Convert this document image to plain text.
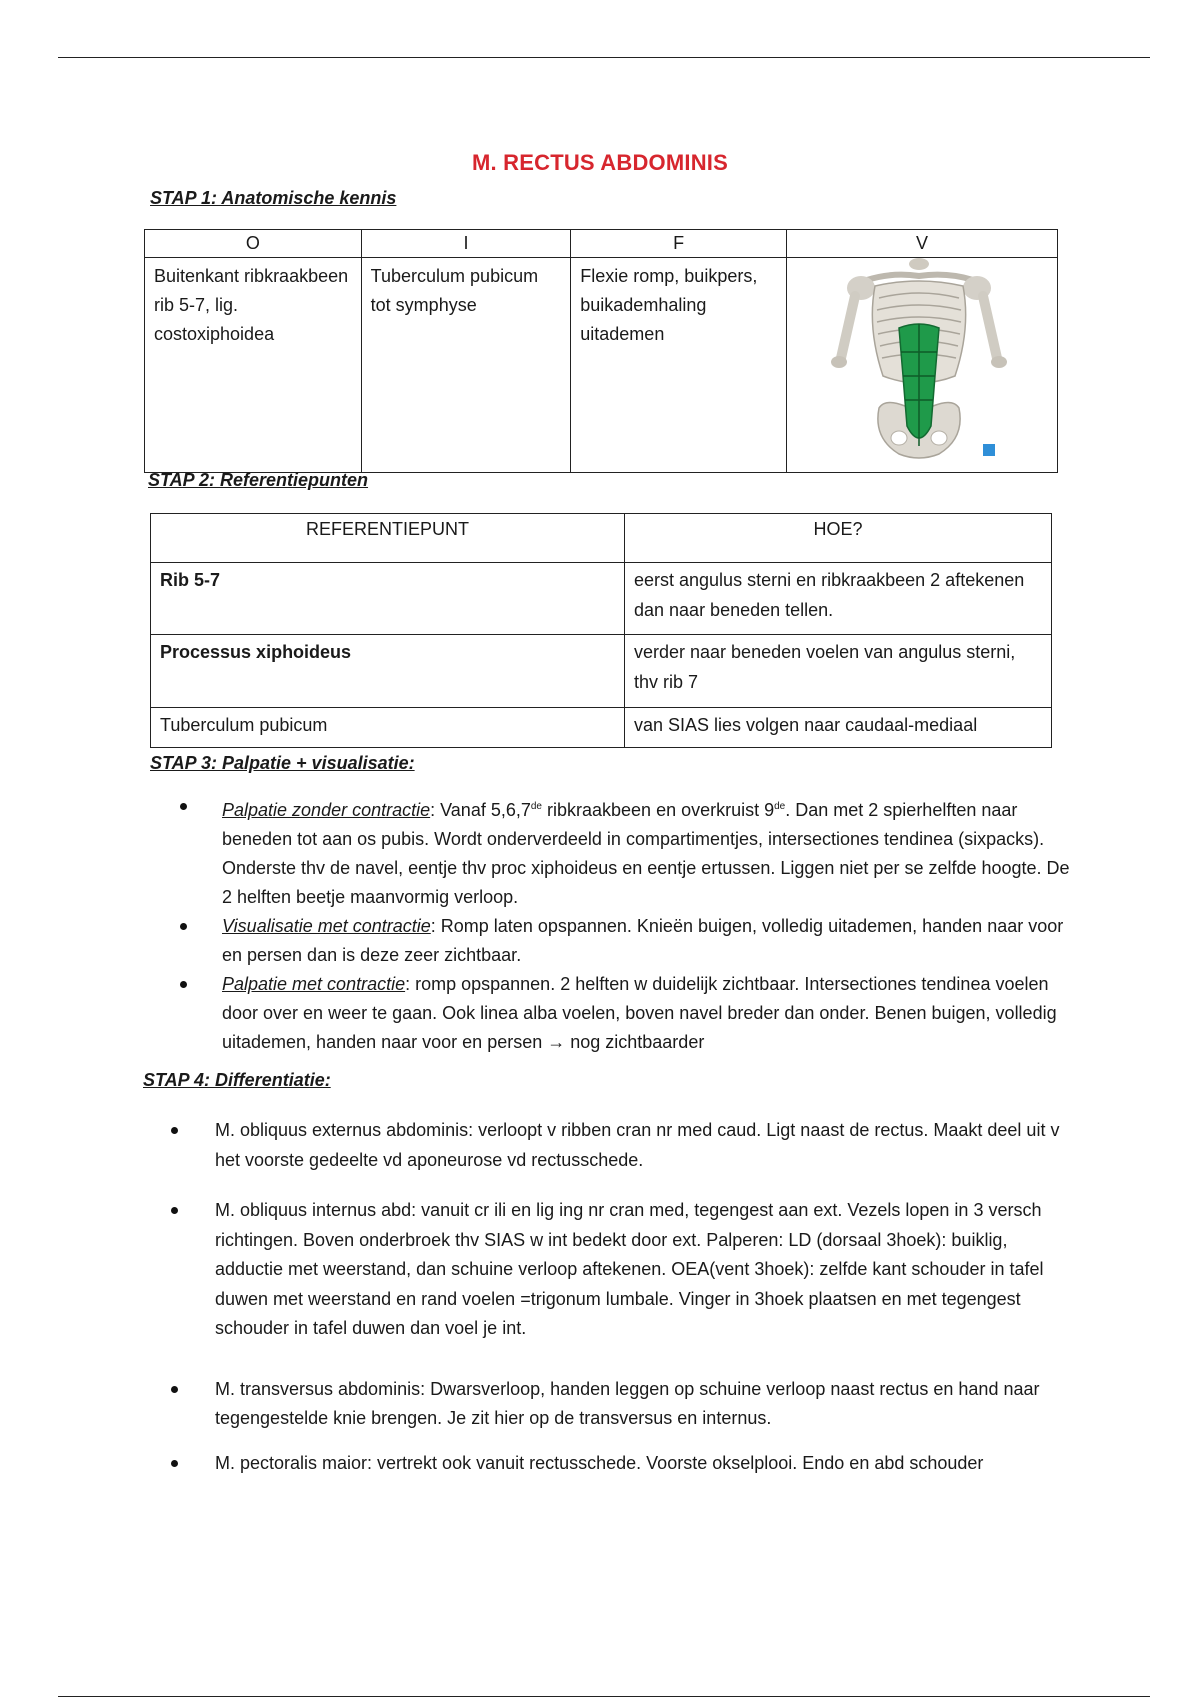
M. RECTUS ABDOMINIS
STAP 1: Anatomische kennis
O	I	F	V
Buitenkant ribkraakbeen rib 5-7, lig. costoxiphoidea	Tuberculum pubicum tot symphyse	Flexie romp, buikpers, buikademhaling uitademen	
STAP 2: Referentiepunten
REFERENTIEPUNT	HOE?
Rib 5-7	eerst angulus sterni en ribkraakbeen 2 aftekenen dan naar beneden tellen.
Processus xiphoideus	verder naar beneden voelen van angulus sterni, thv rib 7
Tuberculum pubicum	van SIAS lies volgen naar caudaal-mediaal
STAP 3: Palpatie + visualisatie:
Palpatie zonder contractie: Vanaf 5,6,7de ribkraakbeen en overkruist 9de. Dan met 2 spierhelften naar beneden tot aan os pubis. Wordt onderverdeeld in compartimentjes, intersectiones tendinea (sixpacks). Onderste thv de navel, eentje thv proc xiphoideus en eentje ertussen. Liggen niet per se zelfde hoogte. De 2 helften beetje maanvormig verloop.
Visualisatie met contractie: Romp laten opspannen. Knieën buigen, volledig uitademen, handen naar voor en persen dan is deze zeer zichtbaar.
Palpatie met contractie: romp opspannen. 2 helften w duidelijk zichtbaar. Intersectiones tendinea voelen door over en weer te gaan. Ook linea alba voelen, boven navel breder dan onder. Benen buigen, volledig uitademen, handen naar voor en persen → nog zichtbaarder
STAP 4: Differentiatie:
M. obliquus externus abdominis: verloopt v ribben cran nr med caud. Ligt naast de rectus. Maakt deel uit v het voorste gedeelte vd aponeurose vd rectusschede.
M. obliquus internus abd: vanuit cr ili en lig ing nr cran med, tegengest aan ext. Vezels lopen in 3 versch richtingen. Boven onderbroek thv SIAS w int bedekt door ext. Palperen: LD (dorsaal 3hoek): buiklig, adductie met weerstand, dan schuine verloop aftekenen. OEA(vent 3hoek): zelfde kant schouder in tafel duwen met weerstand en rand voelen =trigonum lumbale. Vinger in 3hoek plaatsen en met tegengest schouder in tafel duwen dan voel je int.
M. transversus abdominis: Dwarsverloop, handen leggen op schuine verloop naast rectus en hand naar tegengestelde knie brengen. Je zit hier op de transversus en internus.
M. pectoralis maior: vertrekt ook vanuit rectusschede. Voorste okselplooi. Endo en abd schouder
